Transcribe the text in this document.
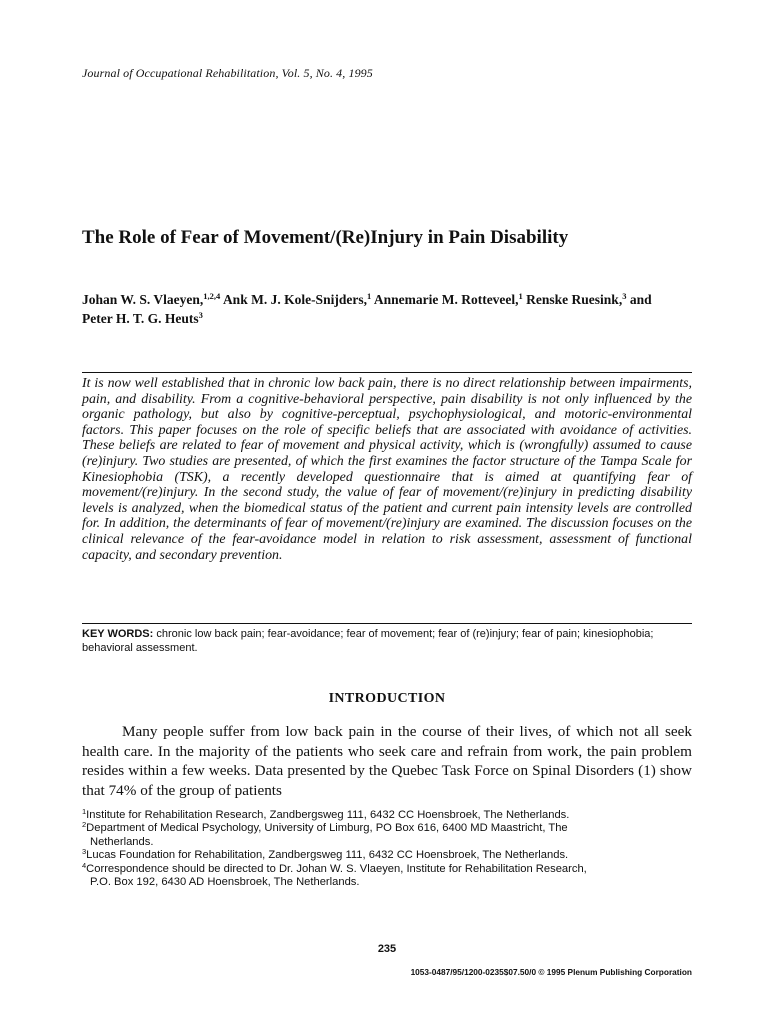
Journal of Occupational Rehabilitation, Vol. 5, No. 4, 1995
The Role of Fear of Movement/(Re)Injury in Pain Disability
Johan W. S. Vlaeyen,$^{1,2,4}$ Ank M. J. Kole-Snijders,$^1$ Annemarie M. Rotteveel,$^1$ Renske Ruesink,$^3$ and Peter H. T. G. Heuts$^3$
It is now well established that in chronic low back pain, there is no direct relationship between impairments, pain, and disability. From a cognitive-behavioral perspective, pain disability is not only influenced by the organic pathology, but also by cognitive-perceptual, psychophysiological, and motoric-environmental factors. This paper focuses on the role of specific beliefs that are associated with avoidance of activities. These beliefs are related to fear of movement and physical activity, which is (wrongfully) assumed to cause (re)injury. Two studies are presented, of which the first examines the factor structure of the Tampa Scale for Kinesiophobia (TSK), a recently developed questionnaire that is aimed at quantifying fear of movement/(re)injury. In the second study, the value of fear of movement/(re)injury in predicting disability levels is analyzed, when the biomedical status of the patient and current pain intensity levels are controlled for. In addition, the determinants of fear of movement/(re)injury are examined. The discussion focuses on the clinical relevance of the fear-avoidance model in relation to risk assessment, assessment of functional capacity, and secondary prevention.
KEY WORDS: chronic low back pain; fear-avoidance; fear of movement; fear of (re)injury; fear of pain; kinesiophobia; behavioral assessment.
INTRODUCTION
Many people suffer from low back pain in the course of their lives, of which not all seek health care. In the majority of the patients who seek care and refrain from work, the pain problem resides within a few weeks. Data presented by the Quebec Task Force on Spinal Disorders (1) show that 74% of the group of patients
$^1$Institute for Rehabilitation Research, Zandbergsweg 111, 6432 CC Hoensbroek, The Netherlands.
$^2$Department of Medical Psychology, University of Limburg, PO Box 616, 6400 MD Maastricht, The
Netherlands.
$^3$Lucas Foundation for Rehabilitation, Zandbergsweg 111, 6432 CC Hoensbroek, The Netherlands.
$^4$Correspondence should be directed to Dr. Johan W. S. Vlaeyen, Institute for Rehabilitation Research,
P.O. Box 192, 6430 AD Hoensbroek, The Netherlands.
235
1053-0487/95/1200-0235$07.50/0 © 1995 Plenum Publishing Corporation
